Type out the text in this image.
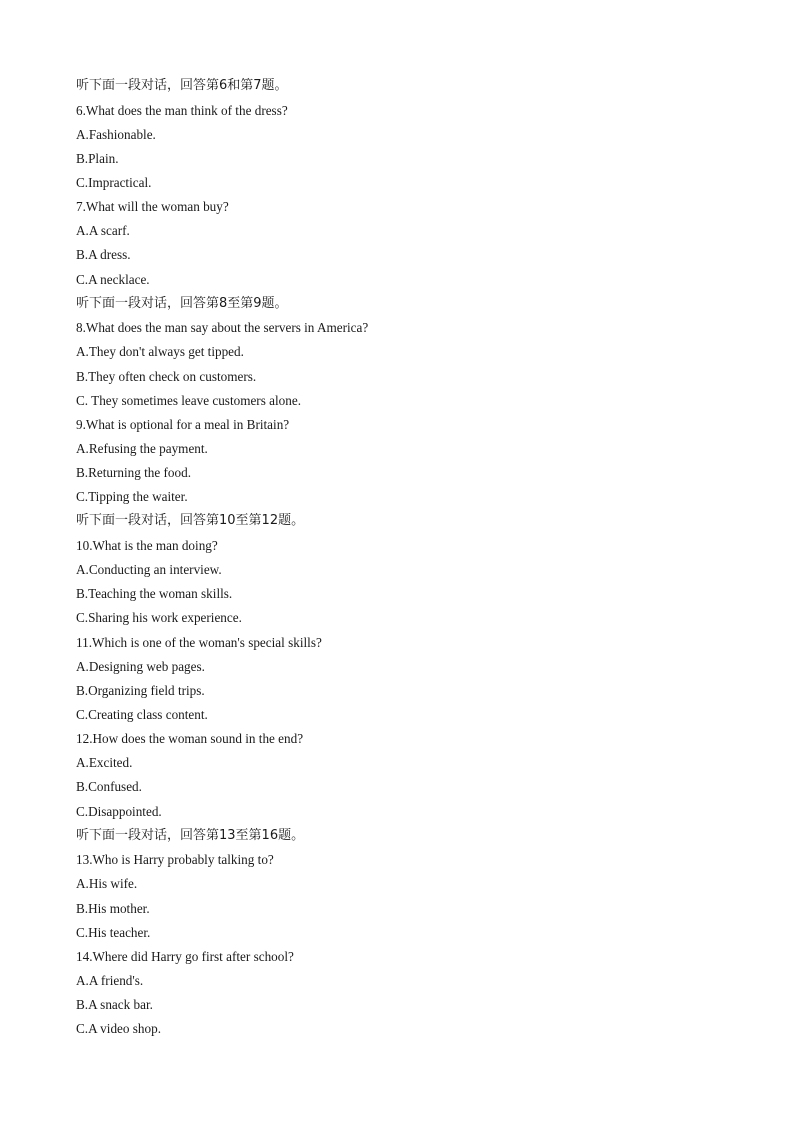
听下面一段对话，回答第6和第7题。
6.What does the man think of the dress?
A.Fashionable.
B.Plain.
C.Impractical.
7.What will the woman buy?
A.A scarf.
B.A dress.
C.A necklace.
听下面一段对话，回答第8至第9题。
8.What does the man say about the servers in America?
A.They don't always get tipped.
B.They often check on customers.
C. They sometimes leave customers alone.
9.What is optional for a meal in Britain?
A.Refusing the payment.
B.Returning the food.
C.Tipping the waiter.
听下面一段对话，回答第10至第12题。
10.What is the man doing?
A.Conducting an interview.
B.Teaching the woman skills.
C.Sharing his work experience.
11.Which is one of the woman's special skills?
A.Designing web pages.
B.Organizing field trips.
C.Creating class content.
12.How does the woman sound in the end?
A.Excited.
B.Confused.
C.Disappointed.
听下面一段对话，回答第13至第16题。
13.Who is Harry probably talking to?
A.His wife.
B.His mother.
C.His teacher.
14.Where did Harry go first after school?
A.A friend's.
B.A snack bar.
C.A video shop.
